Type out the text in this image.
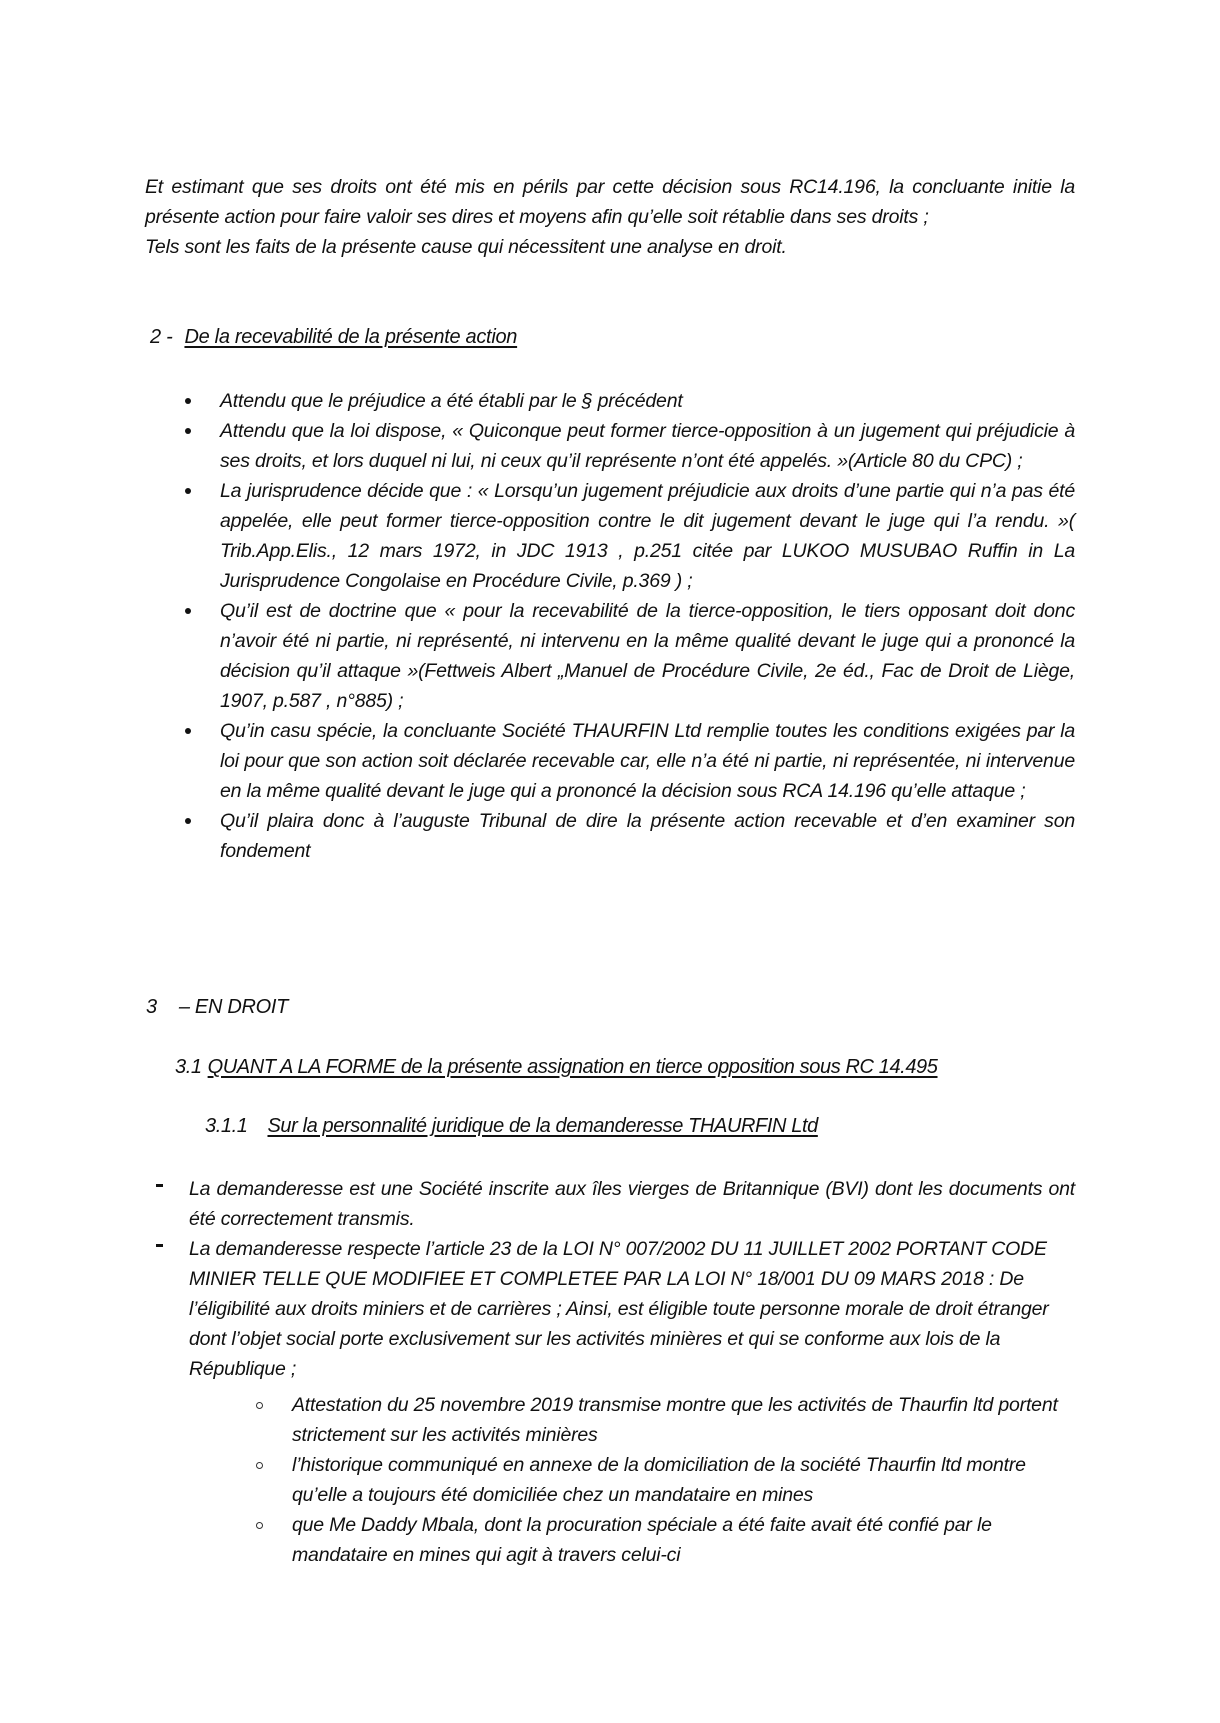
Et estimant que ses droits ont été mis en périls par cette décision sous RC14.196, la concluante initie la présente action pour faire valoir ses dires et moyens afin qu’elle soit rétablie dans ses droits ;
Tels sont les faits de la présente cause qui nécessitent une analyse en droit.
2 - De la recevabilité de la présente action
Attendu que le préjudice a été établi par le § précédent
Attendu que la loi dispose, « Quiconque peut former tierce-opposition à un jugement qui préjudicie à ses droits, et lors duquel ni lui, ni ceux qu’il représente n’ont été appelés. »(Article 80 du CPC) ;
La jurisprudence décide que : « Lorsqu’un jugement préjudicie aux droits d’une partie qui n’a pas été appelée, elle peut former tierce-opposition contre le dit jugement devant le juge qui l’a rendu. »( Trib.App.Elis., 12 mars 1972, in JDC 1913 , p.251 citée par LUKOO MUSUBAO Ruffin in La Jurisprudence Congolaise en Procédure Civile, p.369 ) ;
Qu’il est de doctrine que « pour la recevabilité de la tierce-opposition, le tiers opposant doit donc n’avoir été ni partie, ni représenté, ni intervenu en la même qualité devant le juge qui a prononcé la décision qu’il attaque »(Fettweis Albert „Manuel de Procédure Civile, 2e éd., Fac de Droit de Liège, 1907, p.587 , n°885) ;
Qu’in casu spécie, la concluante Société THAURFIN Ltd remplie toutes les conditions exigées par la loi pour que son action soit déclarée recevable car, elle n’a été ni partie, ni représentée, ni intervenue en la même qualité devant le juge qui a prononcé la décision sous RCA 14.196 qu’elle attaque ;
Qu’il plaira donc à l’auguste Tribunal de dire la présente action recevable et d’en examiner son fondement
3 – EN DROIT
3.1 QUANT A LA FORME de la présente assignation en tierce opposition sous RC 14.495
3.1.1 Sur la personnalité juridique de la demanderesse THAURFIN Ltd
La demanderesse est une Société inscrite aux îles vierges de Britannique (BVI) dont les documents ont été correctement transmis.
La demanderesse respecte l’article 23 de la LOI N° 007/2002 DU 11 JUILLET 2002 PORTANT CODE MINIER TELLE QUE MODIFIEE ET COMPLETEE PAR LA LOI N° 18/001 DU 09 MARS 2018 : De l’éligibilité aux droits miniers et de carrières ; Ainsi, est éligible toute personne morale de droit étranger dont l’objet social porte exclusivement sur les activités minières et qui se conforme aux lois de la République ;
Attestation du 25 novembre 2019 transmise montre que les activités de Thaurfin ltd portent strictement sur les activités minières
l’historique communiqué en annexe de la domiciliation de la société Thaurfin ltd montre qu’elle a toujours été domiciliée chez un mandataire en mines
que Me Daddy Mbala, dont la procuration spéciale a été faite avait été confié par le mandataire en mines qui agit à travers celui-ci
